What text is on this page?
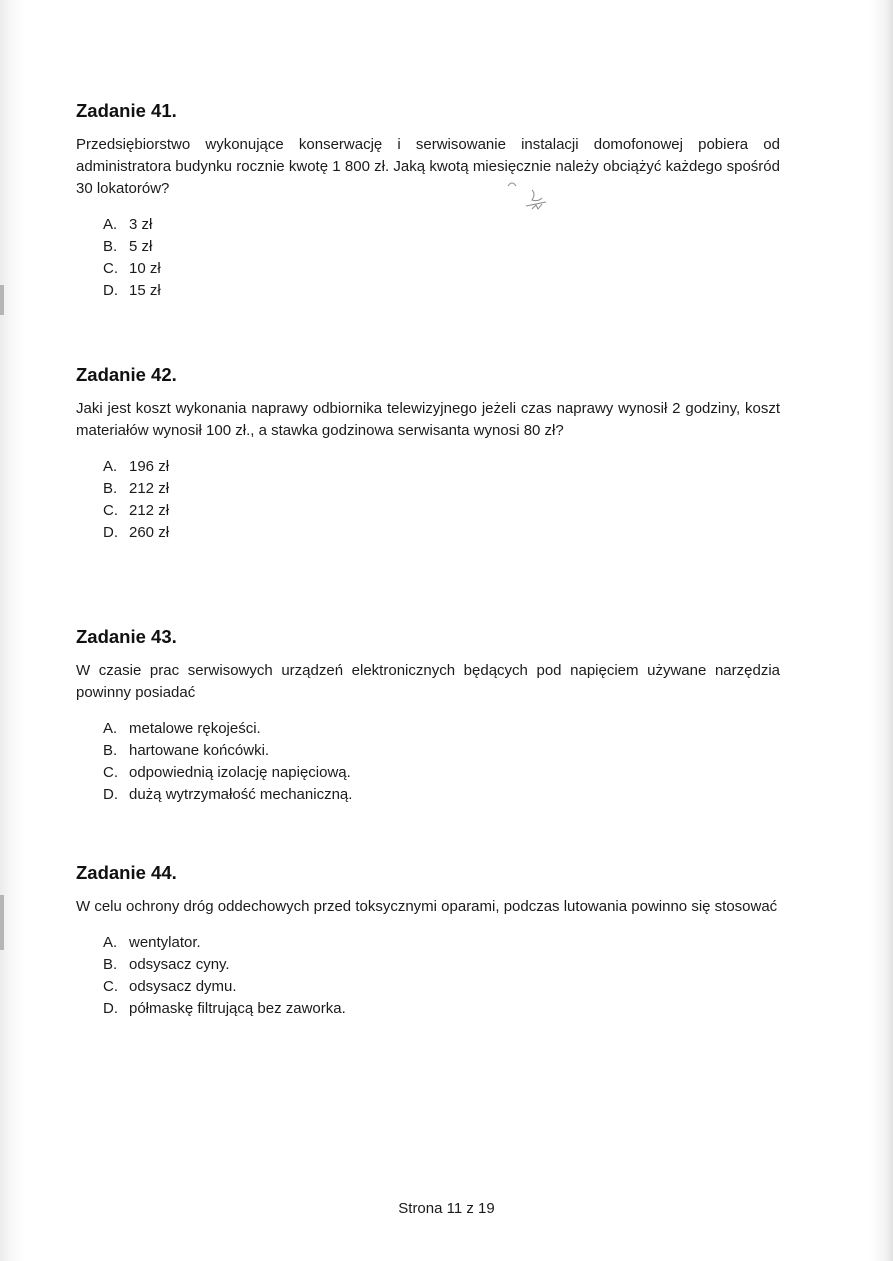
Zadanie 41.

Przedsiębiorstwo wykonujące konserwację i serwisowanie instalacji domofonowej pobiera od administratora budynku rocznie kwotę 1 800 zł. Jaką kwotą miesięcznie należy obciążyć każdego spośród 30 lokatorów?

A. 3 zł
B. 5 zł
C. 10 zł
D. 15 zł
Zadanie 42.

Jaki jest koszt wykonania naprawy odbiornika telewizyjnego jeżeli czas naprawy wynosił 2 godziny, koszt materiałów wynosił 100 zł., a stawka godzinowa serwisanta wynosi 80 zł?

A. 196 zł
B. 212 zł
C. 212 zł
D. 260 zł
Zadanie 43.

W czasie prac serwisowych urządzeń elektronicznych będących pod napięciem używane narzędzia powinny posiadać

A. metalowe rękojeści.
B. hartowane końcówki.
C. odpowiednią izolację napięciową.
D. dużą wytrzymałość mechaniczną.
Zadanie 44.

W celu ochrony dróg oddechowych przed toksycznymi oparami, podczas lutowania powinno się stosować

A. wentylator.
B. odsysacz cyny.
C. odsysacz dymu.
D. półmaskę filtrującą bez zaworka.
Strona 11 z 19
